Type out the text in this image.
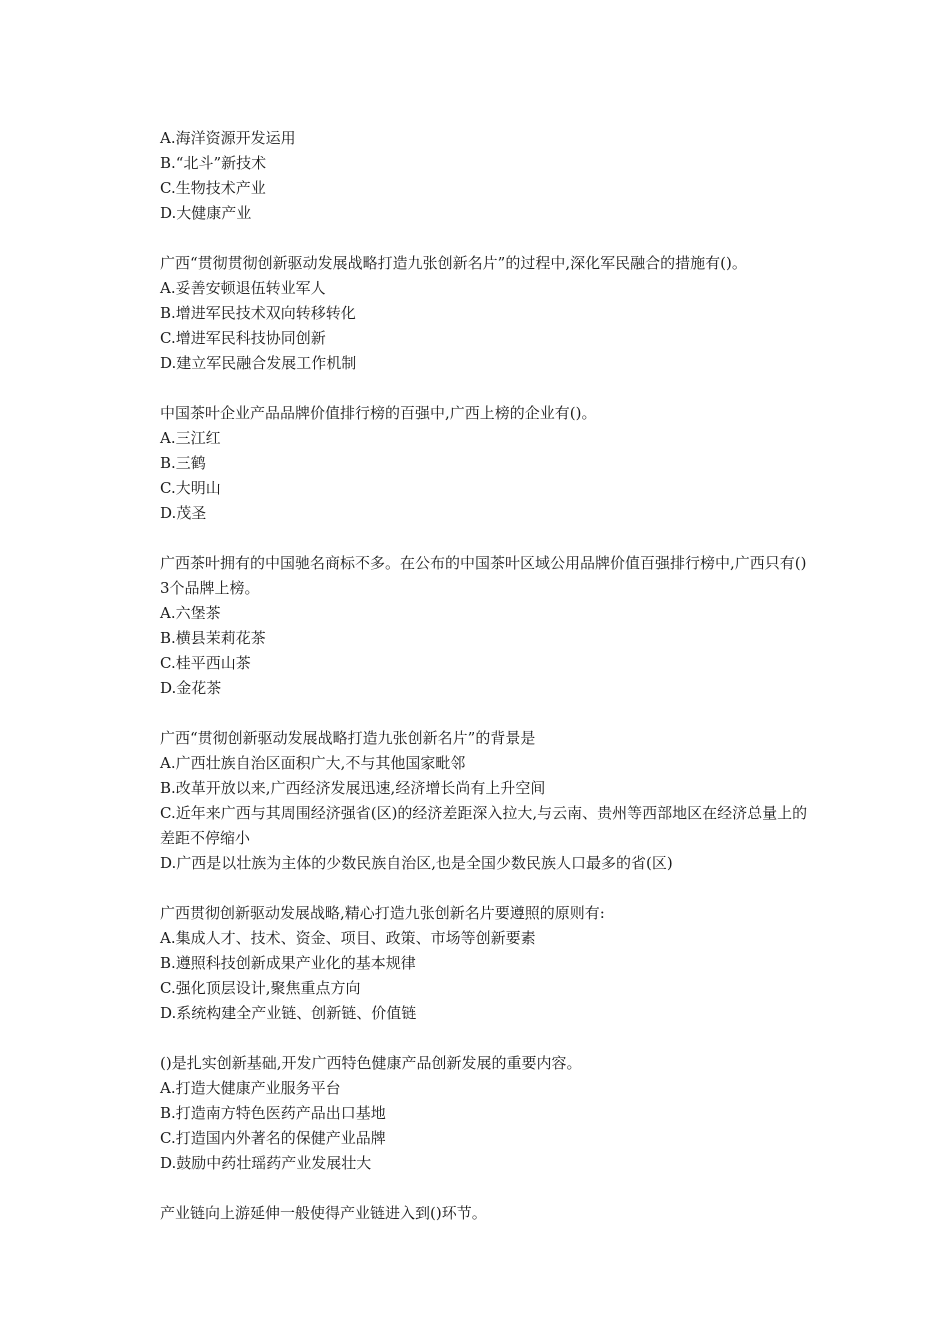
A.海洋资源开发运用
B.“北斗”新技术
C.生物技术产业
D.大健康产业
广西“贯彻贯彻创新驱动发展战略打造九张创新名片”的过程中,深化军民融合的措施有()。
A.妥善安顿退伍转业军人
B.增进军民技术双向转移转化
C.增进军民科技协同创新
D.建立军民融合发展工作机制
中国茶叶企业产品品牌价值排行榜的百强中,广西上榜的企业有()。
A.三江红
B.三鹤
C.大明山
D.茂圣
广西茶叶拥有的中国驰名商标不多。在公布的中国茶叶区域公用品牌价值百强排行榜中,广西只有()3个品牌上榜。
A.六堡茶
B.横县茉莉花茶
C.桂平西山茶
D.金花茶
广西“贯彻创新驱动发展战略打造九张创新名片”的背景是
A.广西壮族自治区面积广大,不与其他国家毗邻
B.改革开放以来,广西经济发展迅速,经济增长尚有上升空间
C.近年来广西与其周围经济强省(区)的经济差距深入拉大,与云南、贵州等西部地区在经济总量上的差距不停缩小
D.广西是以壮族为主体的少数民族自治区,也是全国少数民族人口最多的省(区)
广西贯彻创新驱动发展战略,精心打造九张创新名片要遵照的原则有:
A.集成人才、技术、资金、项目、政策、市场等创新要素
B.遵照科技创新成果产业化的基本规律
C.强化顶层设计,聚焦重点方向
D.系统构建全产业链、创新链、价值链
()是扎实创新基础,开发广西特色健康产品创新发展的重要内容。
A.打造大健康产业服务平台
B.打造南方特色医药产品出口基地
C.打造国内外著名的保健产业品牌
D.鼓励中药壮瑶药产业发展壮大
产业链向上游延伸一般使得产业链进入到()环节。
